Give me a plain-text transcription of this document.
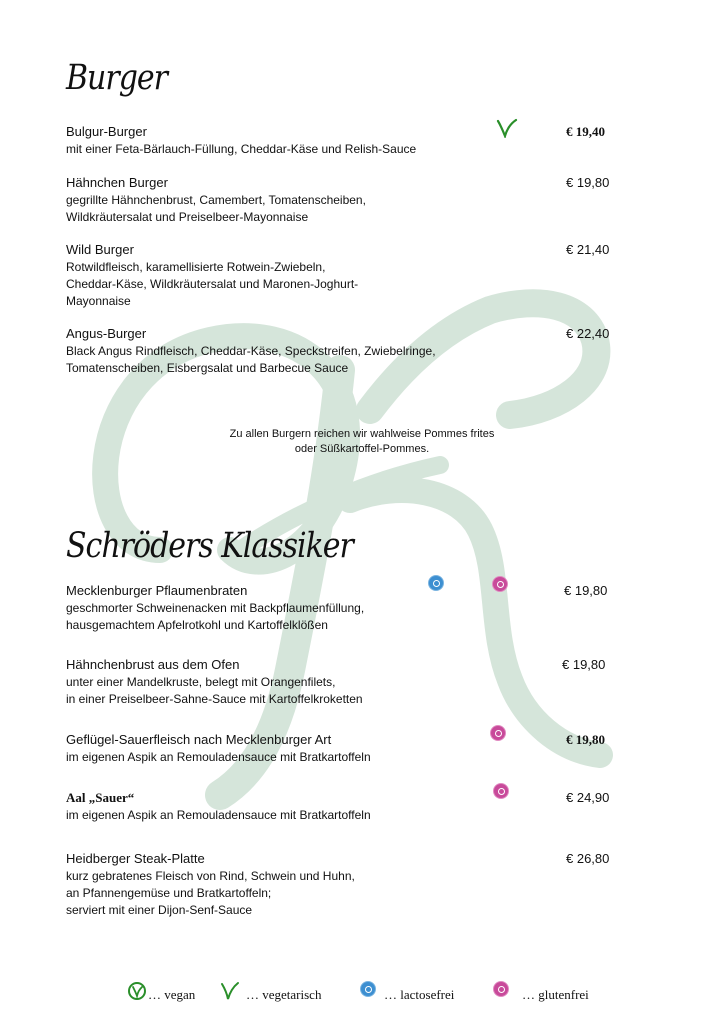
Burger
Bulgur-Burger
mit einer Feta-Bärlauch-Füllung, Cheddar-Käse und Relish-Sauce
€ 19,40
Hähnchen Burger
gegrillte Hähnchenbrust, Camembert, Tomatenscheiben,
Wildkräutersalat und Preiselbeer-Mayonnaise
€ 19,80
Wild Burger
Rotwildfleisch, karamellisierte Rotwein-Zwiebeln,
Cheddar-Käse, Wildkräutersalat und Maronen-Joghurt-
Mayonnaise
€ 21,40
Angus-Burger
Black Angus Rindfleisch, Cheddar-Käse, Speckstreifen, Zwiebelringe,
Tomatenscheiben, Eisbergsalat und Barbecue Sauce
€ 22,40
Zu allen Burgern reichen wir wahlweise Pommes frites
oder Süßkartoffel-Pommes.
Schröders Klassiker
Mecklenburger Pflaumenbraten
geschmorter Schweinenacken mit Backpflaumenfüllung,
hausgemachtem Apfelrotkohl und Kartoffelklößen
€ 19,80
Hähnchenbrust aus dem Ofen
unter einer Mandelkruste, belegt mit Orangenfilets,
in einer Preiselbeer-Sahne-Sauce mit Kartoffelkroketten
€ 19,80
Geflügel-Sauerfleisch nach Mecklenburger Art
im eigenen Aspik an Remouladensauce mit Bratkartoffeln
€ 19,80
Aal „Sauer“
im eigenen Aspik an Remouladensauce mit Bratkartoffeln
€ 24,90
Heidberger Steak-Platte
kurz gebratenes Fleisch von Rind, Schwein und Huhn,
an Pfannengemüse und Bratkartoffeln;
serviert mit einer Dijon-Senf-Sauce
€ 26,80
… vegan	… vegetarisch	… lactosefrei	… glutenfrei
